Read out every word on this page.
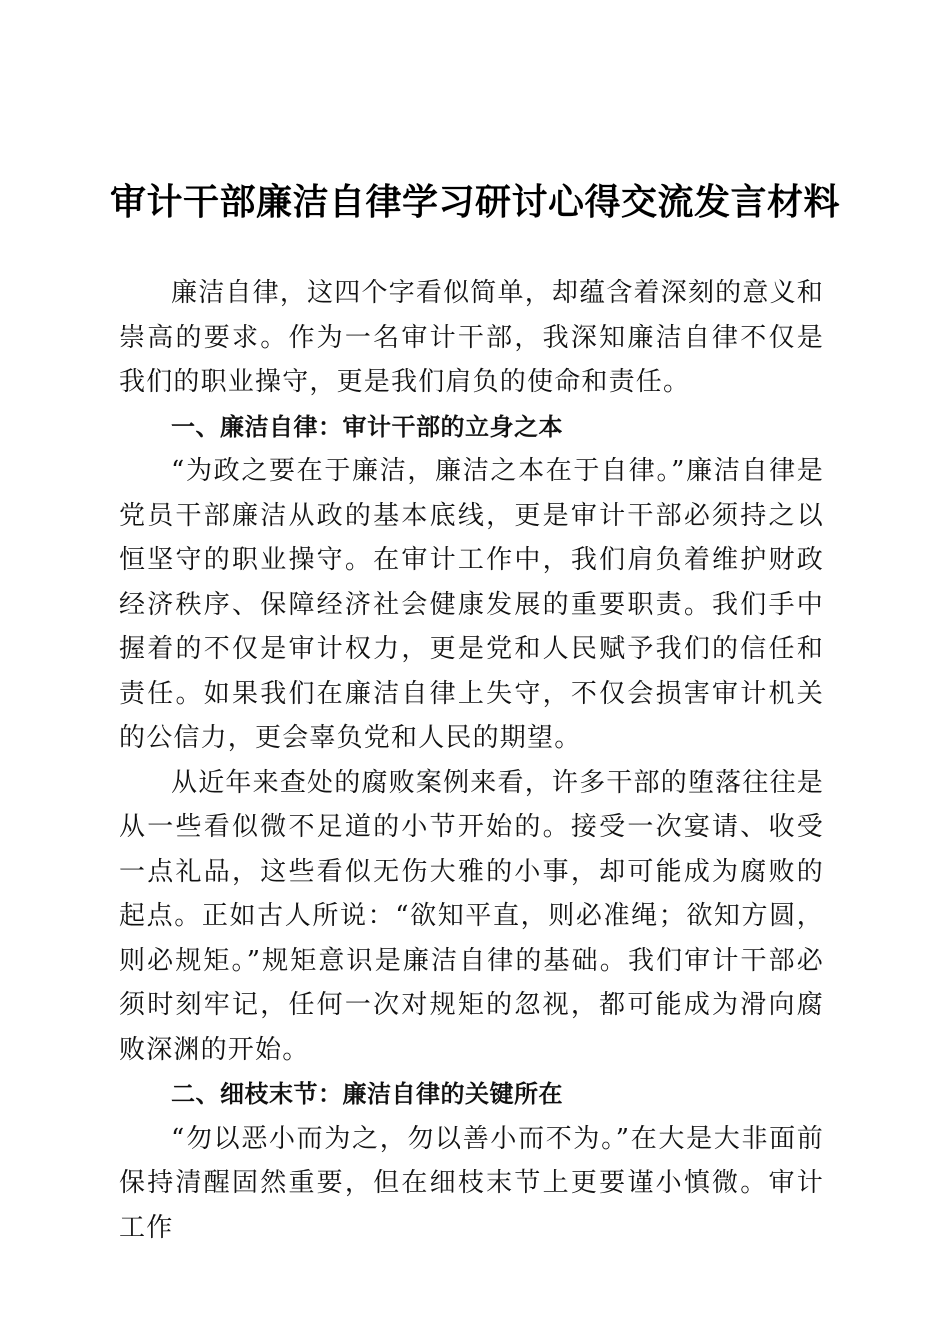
审计干部廉洁自律学习研讨心得交流发言材料

廉洁自律，这四个字看似简单，却蕴含着深刻的意义和崇高的要求。作为一名审计干部，我深知廉洁自律不仅是我们的职业操守，更是我们肩负的使命和责任。

一、廉洁自律：审计干部的立身之本

“为政之要在于廉洁，廉洁之本在于自律。”廉洁自律是党员干部廉洁从政的基本底线，更是审计干部必须持之以恒坚守的职业操守。在审计工作中，我们肩负着维护财政经济秩序、保障经济社会健康发展的重要职责。我们手中握着的不仅是审计权力，更是党和人民赋予我们的信任和责任。如果我们在廉洁自律上失守，不仅会损害审计机关的公信力，更会辜负党和人民的期望。

从近年来查处的腐败案例来看，许多干部的堕落往往是从一些看似微不足道的小节开始的。接受一次宴请、收受一点礼品，这些看似无伤大雅的小事，却可能成为腐败的起点。正如古人所说：“欲知平直，则必准绳；欲知方圆，则必规矩。”规矩意识是廉洁自律的基础。我们审计干部必须时刻牢记，任何一次对规矩的忽视，都可能成为滑向腐败深渊的开始。

二、细枝末节：廉洁自律的关键所在

“勿以恶小而为之，勿以善小而不为。”在大是大非面前保持清醒固然重要，但在细枝末节上更要谨小慎微。审计工作
